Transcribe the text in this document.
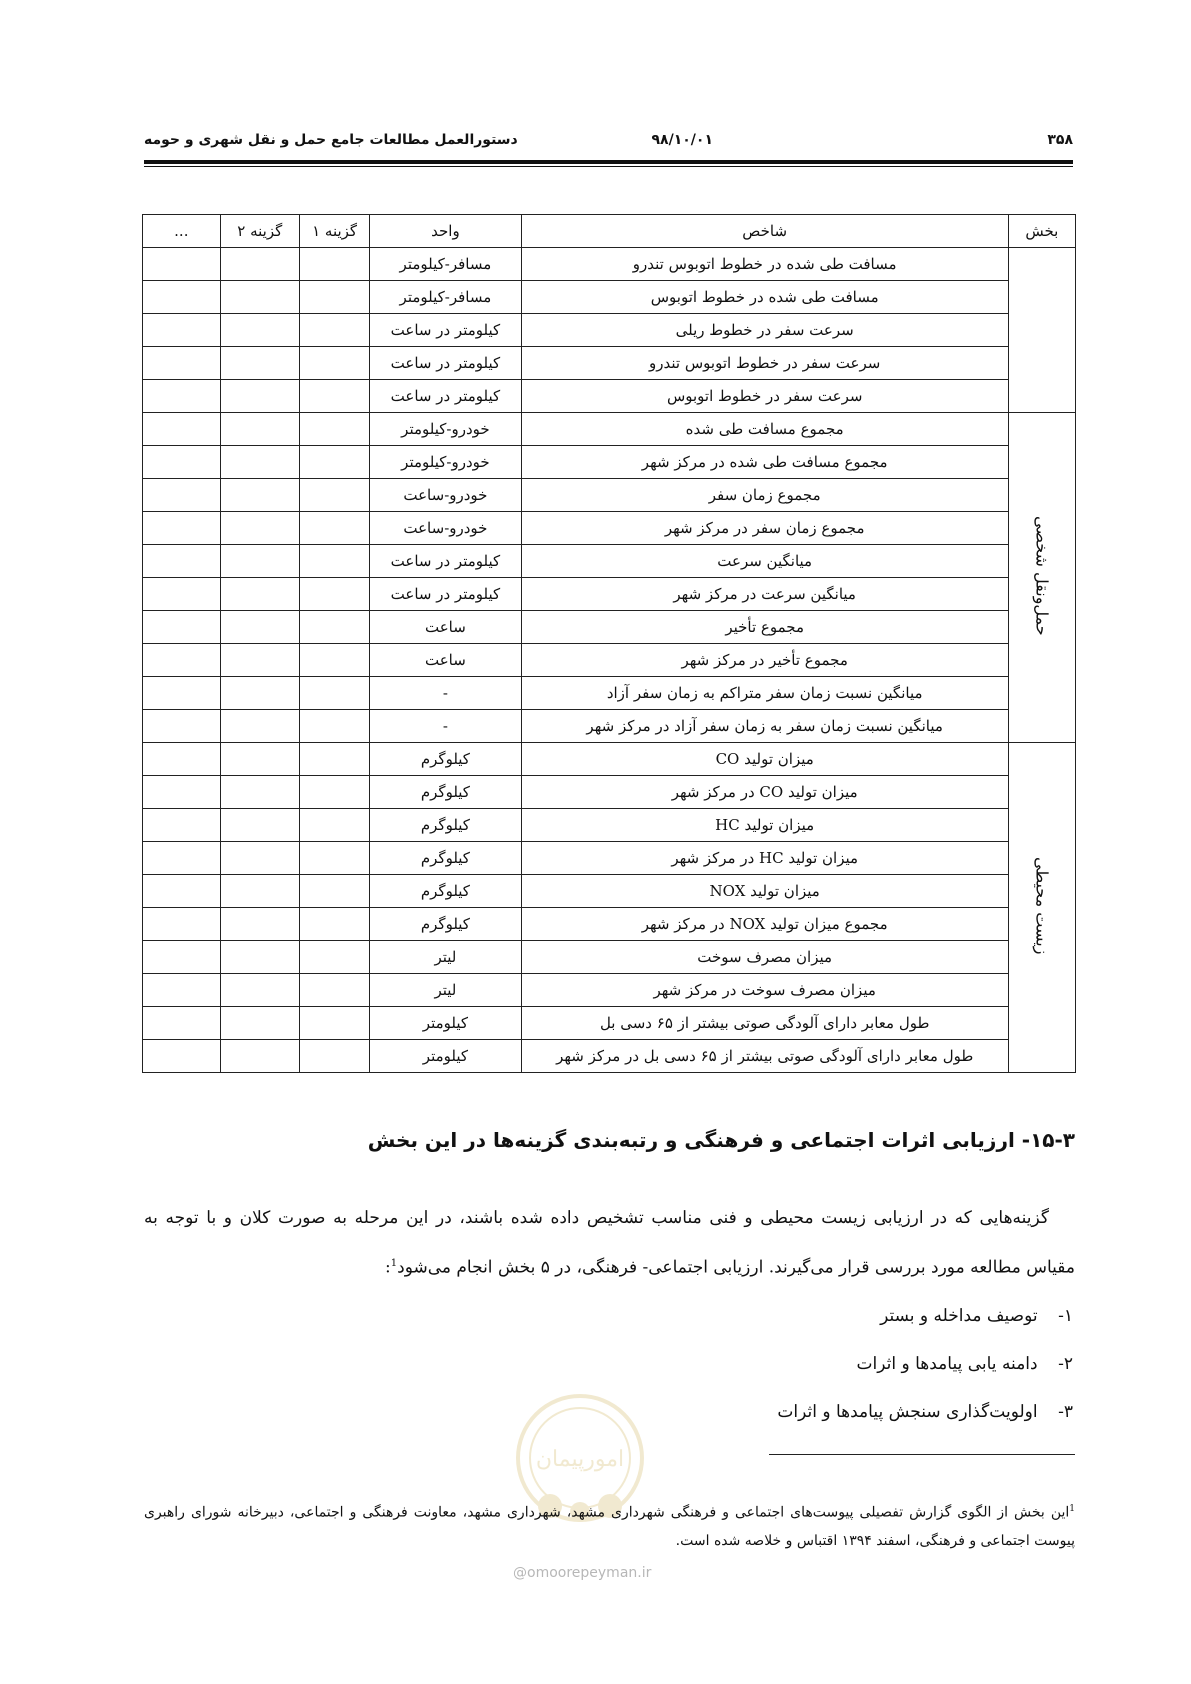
۳۵۸
۹۸/۱۰/۰۱
دستورالعمل مطالعات جامع حمل و نقل شهری و حومه
بخش	شاخص	واحد	گزینه ۱	گزینه ۲	...
	مسافت طی شده در خطوط اتوبوس تندرو	مسافر-کیلومتر			
	مسافت طی شده در خطوط اتوبوس	مسافر-کیلومتر			
	سرعت سفر در خطوط ریلی	کیلومتر در ساعت			
	سرعت سفر در خطوط اتوبوس تندرو	کیلومتر در ساعت			
	سرعت سفر در خطوط اتوبوس	کیلومتر در ساعت			
حمل‌ونقل شخصی	مجموع مسافت طی شده	خودرو-کیلومتر			
	مجموع مسافت طی شده در مرکز شهر	خودرو-کیلومتر			
	مجموع زمان سفر	خودرو-ساعت			
	مجموع زمان سفر در مرکز شهر	خودرو-ساعت			
	میانگین سرعت	کیلومتر در ساعت			
	میانگین سرعت در مرکز شهر	کیلومتر در ساعت			
	مجموع تأخیر	ساعت			
	مجموع تأخیر در مرکز شهر	ساعت			
	میانگین نسبت زمان سفر متراکم به زمان سفر آزاد	-			
	میانگین نسبت زمان سفر به زمان سفر آزاد در مرکز شهر	-			
زیست محیطی	میزان تولید CO	کیلوگرم			
	میزان تولید CO در مرکز شهر	کیلوگرم			
	میزان تولید HC	کیلوگرم			
	میزان تولید HC در مرکز شهر	کیلوگرم			
	میزان تولید NOX	کیلوگرم			
	مجموع میزان تولید NOX در مرکز شهر	کیلوگرم			
	میزان مصرف سوخت	لیتر			
	میزان مصرف سوخت در مرکز شهر	لیتر			
	طول معابر دارای آلودگی صوتی بیشتر از ۶۵ دسی بل	کیلومتر			
	طول معابر دارای آلودگی صوتی بیشتر از ۶۵ دسی بل در مرکز شهر	کیلومتر			
۱۵-۳- ارزیابی اثرات اجتماعی و فرهنگی و رتبه‌بندی گزینه‌ها در این بخش
گزینه‌هایی که در ارزیابی زیست محیطی و فنی مناسب تشخیص داده شده باشند، در این مرحله به صورت کلان و با توجه به مقیاس مطالعه مورد بررسی قرار می‌گیرند. ارزیابی اجتماعی- فرهنگی، در ۵ بخش انجام می‌شود$^1$:
۱- توصیف مداخله و بستر
۲- دامنه یابی پیامدها و اثرات
۳- اولویت‌گذاری سنجش پیامدها و اثرات
امورپیمان
@omoorepeyman.ir
$^1$این بخش از الگوی گزارش تفصیلی پیوست‌های اجتماعی و فرهنگی شهرداری مشهد، شهرداری مشهد، معاونت فرهنگی و اجتماعی، دبیرخانه شورای راهبری پیوست اجتماعی و فرهنگی، اسفند ۱۳۹۴ اقتباس و خلاصه شده است.
